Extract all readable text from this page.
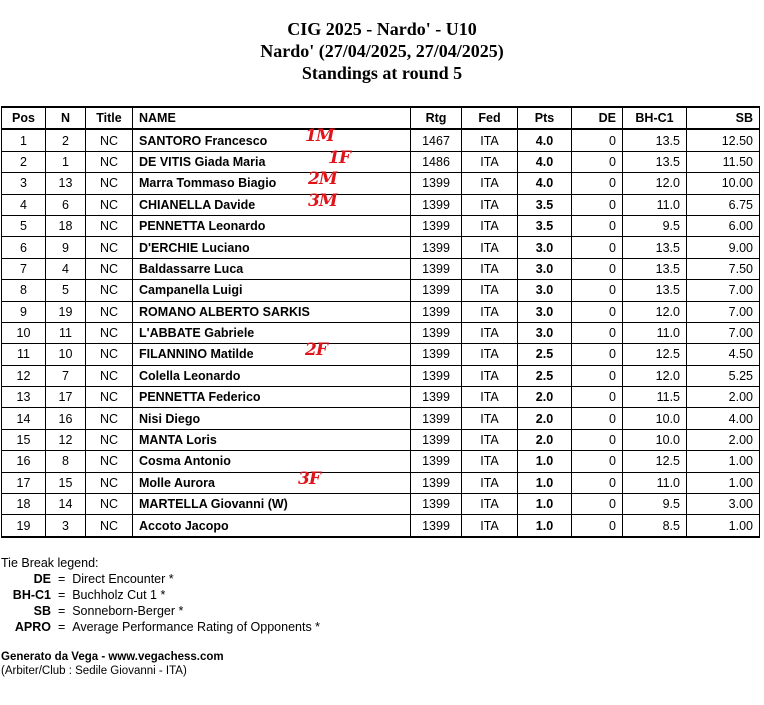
CIG 2025 - Nardo' - U10
Nardo' (27/04/2025, 27/04/2025)
Standings at round 5
Pos	N	Title	NAME	Rtg	Fed	Pts	DE	BH-C1	SB
1	2	NC	SANTORO Francesco 1M	1467	ITA	4.0	0	13.5	12.50
2	1	NC	DE VITIS Giada Maria 1F	1486	ITA	4.0	0	13.5	11.50
3	13	NC	Marra Tommaso Biagio 2M	1399	ITA	4.0	0	12.0	10.00
4	6	NC	CHIANELLA Davide 3M	1399	ITA	3.5	0	11.0	6.75
5	18	NC	PENNETTA Leonardo	1399	ITA	3.5	0	9.5	6.00
6	9	NC	D'ERCHIE Luciano	1399	ITA	3.0	0	13.5	9.00
7	4	NC	Baldassarre Luca	1399	ITA	3.0	0	13.5	7.50
8	5	NC	Campanella Luigi	1399	ITA	3.0	0	13.5	7.00
9	19	NC	ROMANO ALBERTO SARKIS	1399	ITA	3.0	0	12.0	7.00
10	11	NC	L'ABBATE Gabriele	1399	ITA	3.0	0	11.0	7.00
11	10	NC	FILANNINO Matilde 2F	1399	ITA	2.5	0	12.5	4.50
12	7	NC	Colella Leonardo	1399	ITA	2.5	0	12.0	5.25
13	17	NC	PENNETTA Federico	1399	ITA	2.0	0	11.5	2.00
14	16	NC	Nisi Diego	1399	ITA	2.0	0	10.0	4.00
15	12	NC	MANTA Loris	1399	ITA	2.0	0	10.0	2.00
16	8	NC	Cosma Antonio	1399	ITA	1.0	0	12.5	1.00
17	15	NC	Molle Aurora 3F	1399	ITA	1.0	0	11.0	1.00
18	14	NC	MARTELLA Giovanni (W)	1399	ITA	1.0	0	9.5	3.00
19	3	NC	Accoto Jacopo	1399	ITA	1.0	0	8.5	1.00
Tie Break legend:
DE  =  Direct Encounter *
BH-C1  =  Buchholz Cut 1 *
SB  =  Sonneborn-Berger *
APRO  =  Average Performance Rating of Opponents *
Generato da Vega - www.vegachess.com
(Arbiter/Club : Sedile Giovanni - ITA)
